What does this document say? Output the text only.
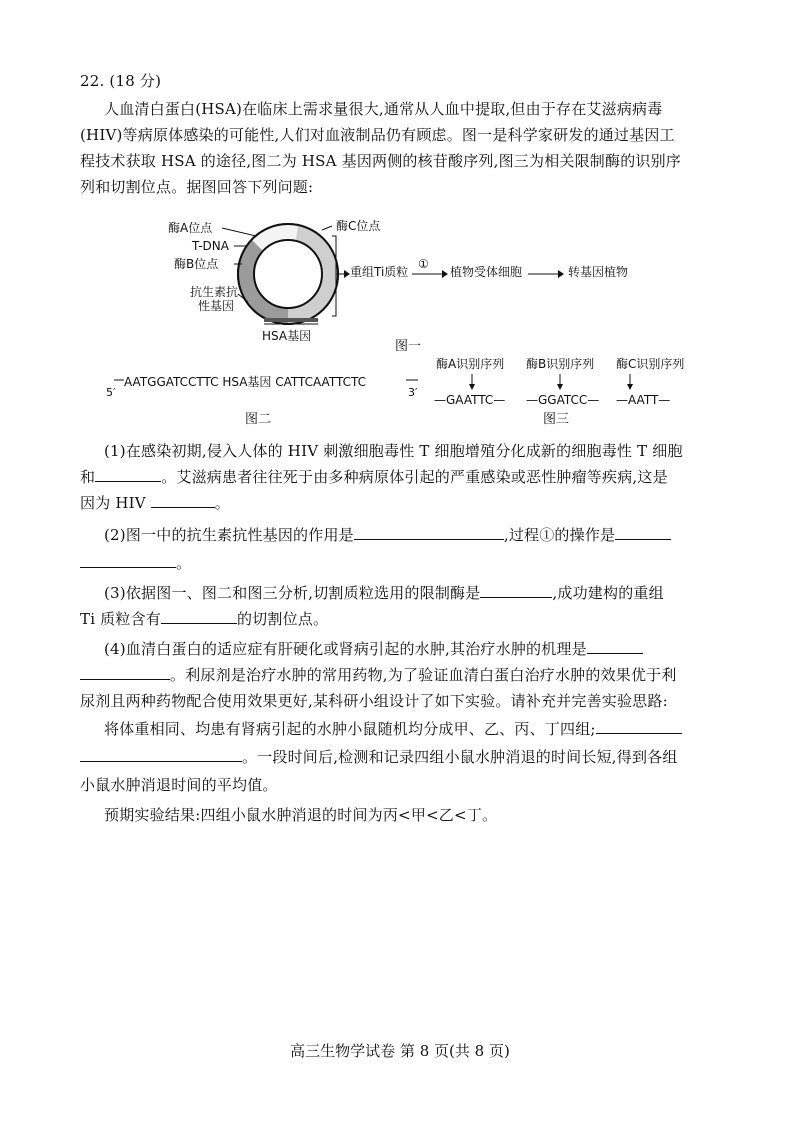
22. (18 分)
人血清白蛋白(HSA)在临床上需求量很大,通常从人血中提取,但由于存在艾滋病病毒
(HIV)等病原体感染的可能性,人们对血液制品仍有顾虑。图一是科学家研发的通过基因工
程技术获取 HSA 的途径,图二为 HSA 基因两侧的核苷酸序列,图三为相关限制酶的识别序
列和切割位点。据图回答下列问题:
酶A位点
T-DNA
酶B位点
抗生素抗
性基因
酶C位点
HSA基因
重组Ti质粒
①
植物受体细胞	转基因植物
图一
5′
AATGGATCCTTC HSA基因 CATTCAATTCTC
3′
图二
酶A识别序列 酶B识别序列 酶C识别序列
—GAATTC— —GGATCC— —AATT—
图三
(1)在感染初期,侵入人体的 HIV 刺激细胞毒性 T 细胞增殖分化成新的细胞毒性 T 细胞
和	。艾滋病患者往往死于由多种病原体引起的严重感染或恶性肿瘤等疾病,这是
因为 HIV	。
(2)图一中的抗生素抗性基因的作用是	,过程①的操作是
。
(3)依据图一、图二和图三分析,切割质粒选用的限制酶是	,成功建构的重组
Ti 质粒含有	的切割位点。
(4)血清白蛋白的适应症有肝硬化或肾病引起的水肿,其治疗水肿的机理是
。利尿剂是治疗水肿的常用药物,为了验证血清白蛋白治疗水肿的效果优于利
尿剂且两种药物配合使用效果更好,某科研小组设计了如下实验。请补充并完善实验思路:
将体重相同、均患有肾病引起的水肿小鼠随机均分成甲、乙、丙、丁四组;
。一段时间后,检测和记录四组小鼠水肿消退的时间长短,得到各组
小鼠水肿消退时间的平均值。
预期实验结果:四组小鼠水肿消退的时间为丙<甲<乙<丁。
高三生物学试卷 第 8 页(共 8 页)
